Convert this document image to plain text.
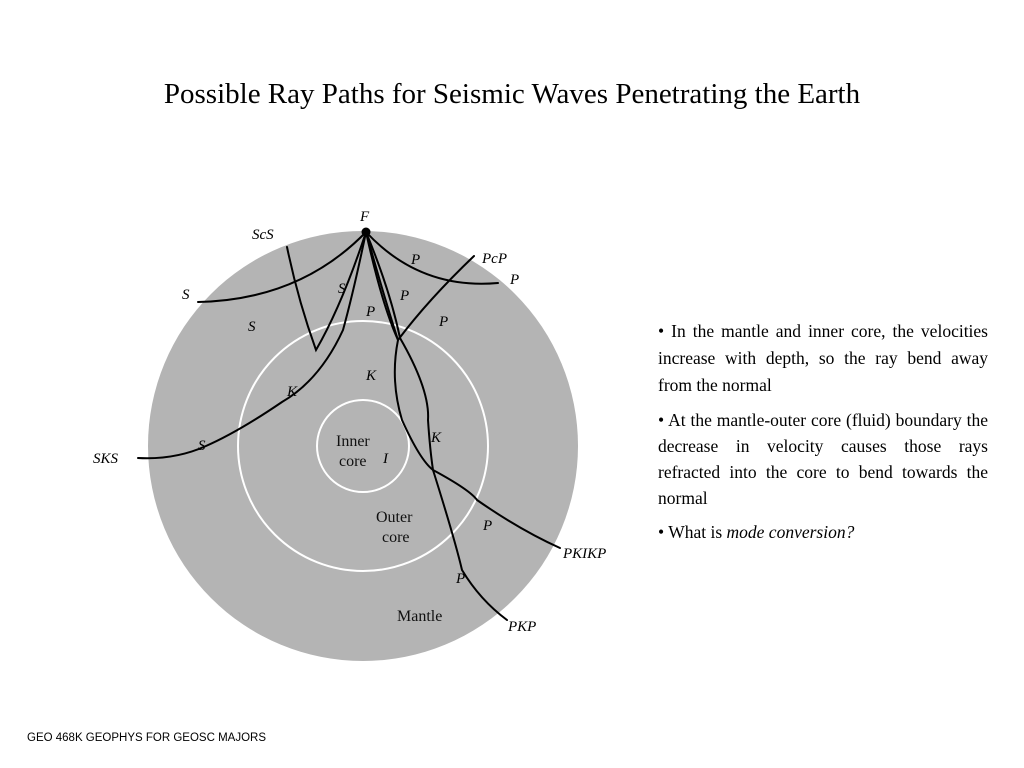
Possible Ray Paths for Seismic Waves Penetrating the Earth
F
ScS
PcP
P
S
SKS
PKIKP
PKP
P
S	P
P
S	P
K
K
K
S
I
P
P
Inner
core
Outer
core
Mantle

• In the mantle and inner core, the velocities increase with depth, so the ray bend away from the normal

• At the mantle-outer core (fluid) boundary the decrease in velocity causes those rays refracted into the core to bend towards the normal

• What is mode conversion?

GEO 468K GEOPHYS FOR GEOSC MAJORS
